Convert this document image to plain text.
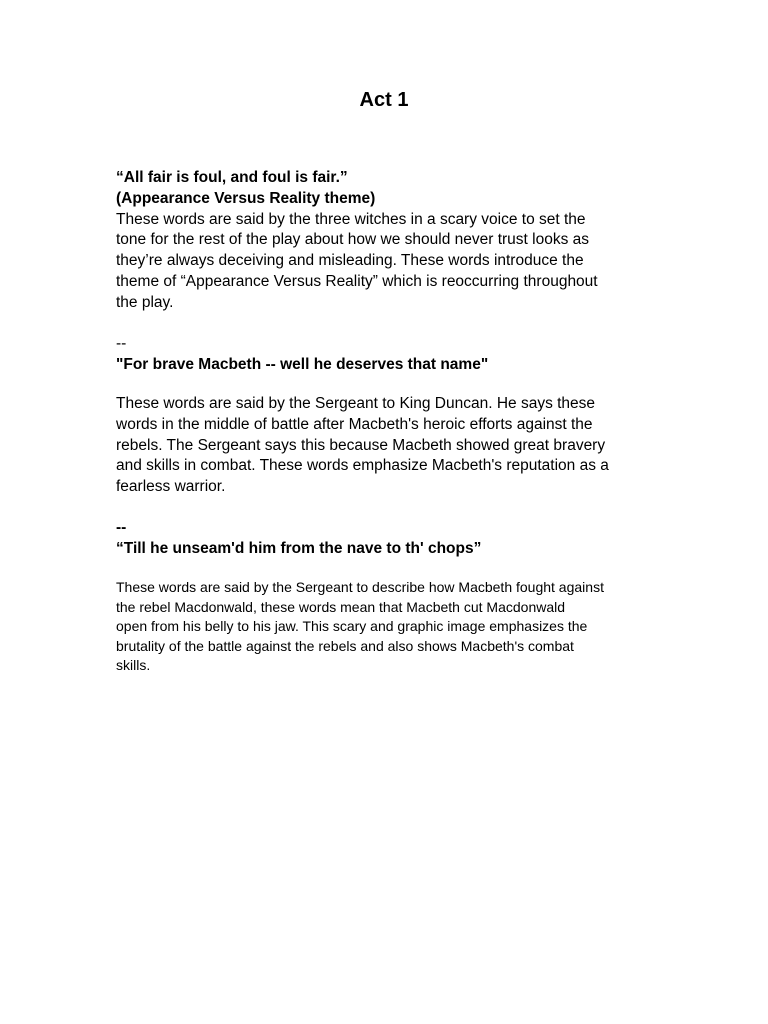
Act 1
“All fair is foul, and foul is fair.”
(Appearance Versus Reality theme)
These words are said by the three witches in a scary voice to set the
tone for the rest of the play about how we should never trust looks as
they’re always deceiving and misleading. These words introduce the
theme of “Appearance Versus Reality” which is reoccurring throughout
the play.
--
"For brave Macbeth -- well he deserves that name"
These words are said by the Sergeant to King Duncan. He says these
words in the middle of battle after Macbeth's heroic efforts against the
rebels. The Sergeant says this because Macbeth showed great bravery
and skills in combat. These words emphasize Macbeth's reputation as a
fearless warrior.
--
“Till he unseam'd him from the nave to th' chops”
These words are said by the Sergeant to describe how Macbeth fought against
the rebel Macdonwald, these words mean that Macbeth cut Macdonwald
open from his belly to his jaw. This scary and graphic image emphasizes the
brutality of the battle against the rebels and also shows Macbeth's combat
skills.
